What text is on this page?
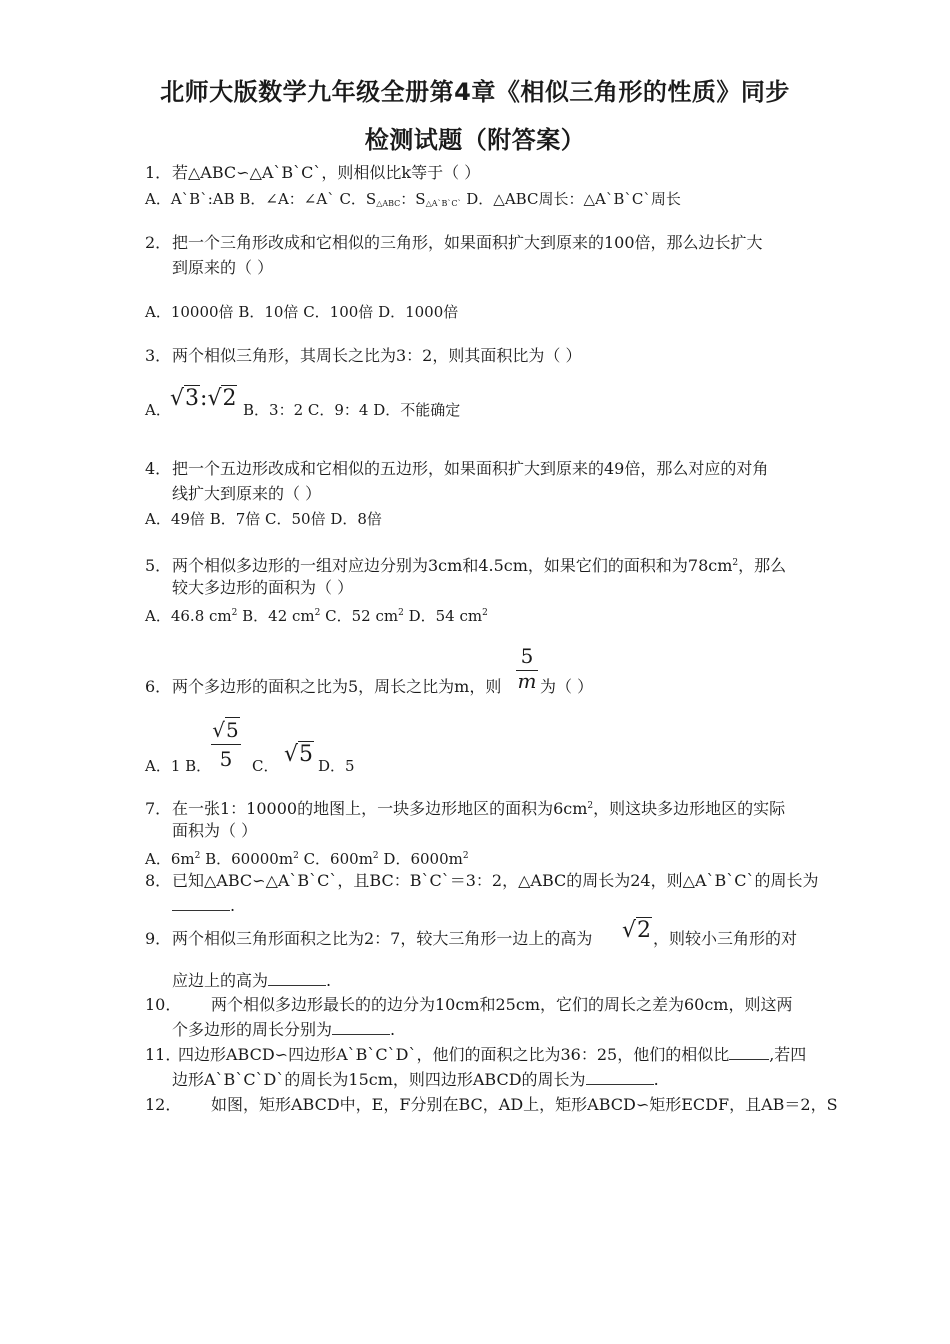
北师大版数学九年级全册第4章《相似三角形的性质》同步
检测试题（附答案）
1．若△ABC∽△A`B`C`，则相似比k等于（ ）
A．A`B`:AB B．∠A：∠A` C．$S_{\triangle ABC}$：$S_{\triangle A`B`C`}$ D．△ABC周长：△A`B`C`周长
2．把一个三角形改成和它相似的三角形，如果面积扩大到原来的100倍，那么边长扩大
到原来的（ ）
A．10000倍 B．10倍 C．100倍 D．1000倍
3．两个相似三角形，其周长之比为3：2，则其面积比为（ ）
A． √3:√2 B．3：2 C．9：4 D．不能确定
4．把一个五边形改成和它相似的五边形，如果面积扩大到原来的49倍，那么对应的对角
线扩大到原来的（ ）
A．49倍 B．7倍 C．50倍 D．8倍
5．两个相似多边形的一组对应边分别为3cm和4.5cm，如果它们的面积和为$78cm^2$，那么
较大多边形的面积为（ ）
A．46.8 $cm^2$ B．42 $cm^2$ C．52 $cm^2$ D．54 $cm^2$
6．两个多边形的面积之比为5，周长之比为m，则
5
m 为（ ）
A．1 B．
√5
5	C． √5 D．5
7．在一张1：10000的地图上，一块多边形地区的面积为$6cm^2$，则这块多边形地区的实际
面积为（ ）
A．$6m^2$ B．$60000m^2$ C．$600m^2$ D．$6000m^2$
8．已知△ABC∽△A`B`C`，且BC：B`C`＝3：2，△ABC的周长为24，则△A`B`C`的周长为
.
9．两个相似三角形面积之比为2：7，较大三角形一边上的高为 √2 ，则较小三角形的对
应边上的高为	.
10． 两个相似多边形最长的的边分为10cm和25cm，它们的周长之差为60cm，则这两
个多边形的周长分别为	.
11．四边形ABCD∽四边形A`B`C`D`，他们的面积之比为36：25，他们的相似比	,若四
边形A`B`C`D`的周长为15cm，则四边形ABCD的周长为	.
12． 如图，矩形ABCD中，E，F分别在BC，AD上，矩形ABCD∽矩形ECDF，且AB＝2，S
